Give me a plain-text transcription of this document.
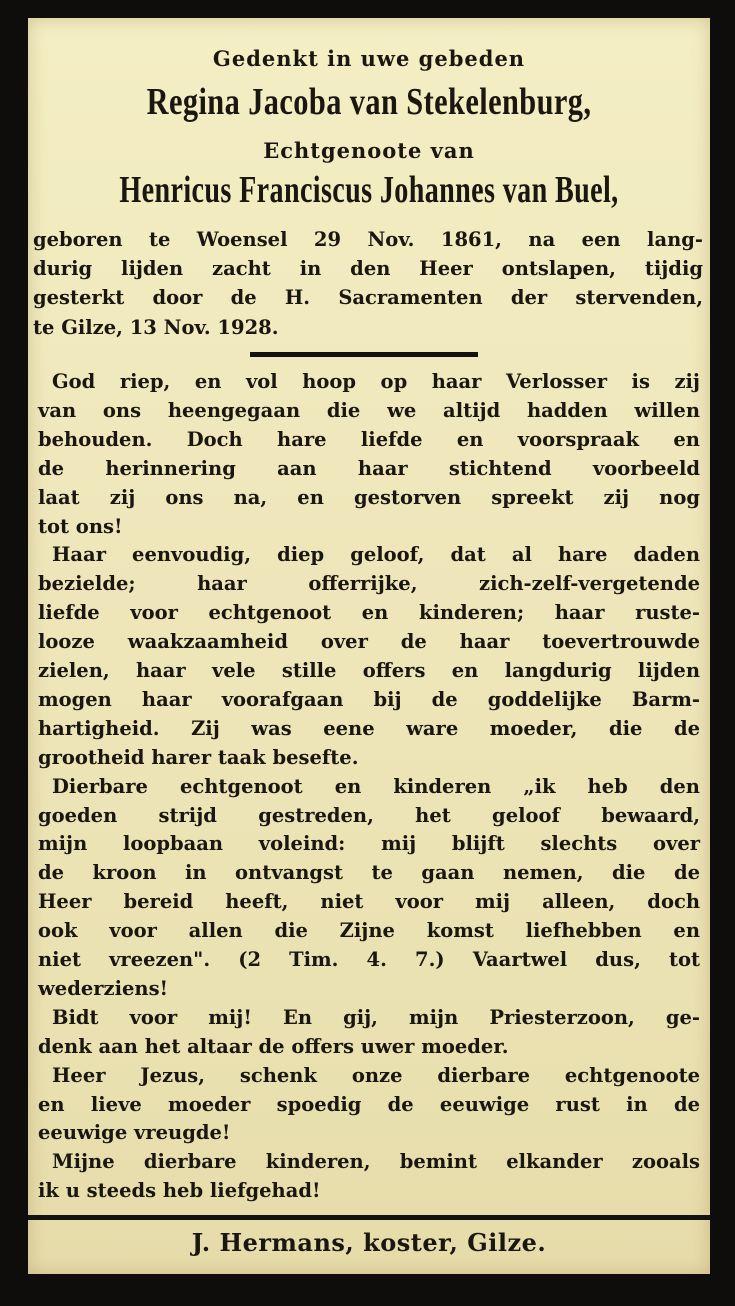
Gedenkt in uwe gebeden
Regina Jacoba van Stekelenburg,
Echtgenoote van
Henricus Franciscus Johannes van Buel,
geboren te Woensel 29 Nov. 1861, na een lang-
durig lijden zacht in den Heer ontslapen, tijdig
gesterkt door de H. Sacramenten der stervenden,
te Gilze, 13 Nov. 1928.
God riep, en vol hoop op haar Verlosser is zij
van ons heengegaan die we altijd hadden willen
behouden. Doch hare liefde en voorspraak en
de herinnering aan haar stichtend voorbeeld
laat zij ons na, en gestorven spreekt zij nog
tot ons!
Haar eenvoudig, diep geloof, dat al hare daden
bezielde; haar offerrijke, zich-zelf-vergetende
liefde voor echtgenoot en kinderen; haar ruste-
looze waakzaamheid over de haar toevertrouwde
zielen, haar vele stille offers en langdurig lijden
mogen haar voorafgaan bij de goddelijke Barm-
hartigheid. Zij was eene ware moeder, die de
grootheid harer taak besefte.
Dierbare echtgenoot en kinderen „ik heb den
goeden strijd gestreden, het geloof bewaard,
mijn loopbaan voleind: mij blijft slechts over
de kroon in ontvangst te gaan nemen, die de
Heer bereid heeft, niet voor mij alleen, doch
ook voor allen die Zijne komst liefhebben en
niet vreezen". (2 Tim. 4. 7.) Vaartwel dus, tot
wederziens!
Bidt voor mij! En gij, mijn Priesterzoon, ge-
denk aan het altaar de offers uwer moeder.
Heer Jezus, schenk onze dierbare echtgenoote
en lieve moeder spoedig de eeuwige rust in de
eeuwige vreugde!
Mijne dierbare kinderen, bemint elkander zooals
ik u steeds heb liefgehad!
J. Hermans, koster, Gilze.
